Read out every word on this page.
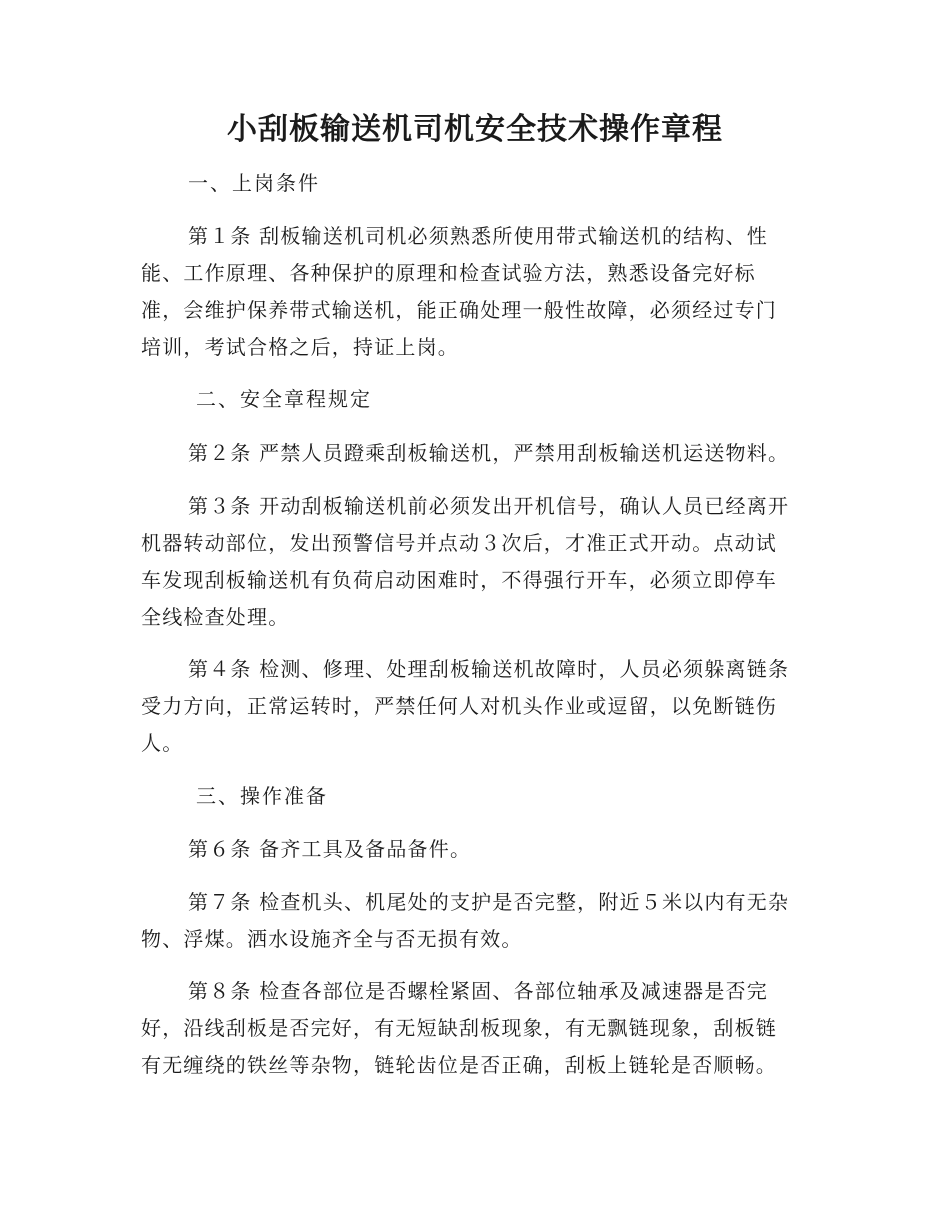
小刮板输送机司机安全技术操作章程

一、上岗条件

第１条 刮板输送机司机必须熟悉所使用带式输送机的结构、性

能、工作原理、各种保护的原理和检查试验方法，熟悉设备完好标

准，会维护保养带式输送机，能正确处理一般性故障，必须经过专门

培训，考试合格之后，持证上岗。

二、安全章程规定

第２条 严禁人员蹬乘刮板输送机，严禁用刮板输送机运送物料。

第３条 开动刮板输送机前必须发出开机信号，确认人员已经离开

机器转动部位，发出预警信号并点动３次后，才准正式开动。点动试

车发现刮板输送机有负荷启动困难时，不得强行开车，必须立即停车

全线检查处理。

第４条 检测、修理、处理刮板输送机故障时，人员必须躲离链条

受力方向，正常运转时，严禁任何人对机头作业或逗留，以免断链伤

人。

三、操作准备

第６条 备齐工具及备品备件。

第７条 检查机头、机尾处的支护是否完整，附近５米以内有无杂

物、浮煤。洒水设施齐全与否无损有效。

第８条 检查各部位是否螺栓紧固、各部位轴承及减速器是否完

好，沿线刮板是否完好，有无短缺刮板现象，有无飘链现象，刮板链

有无缠绕的铁丝等杂物，链轮齿位是否正确，刮板上链轮是否顺畅。
